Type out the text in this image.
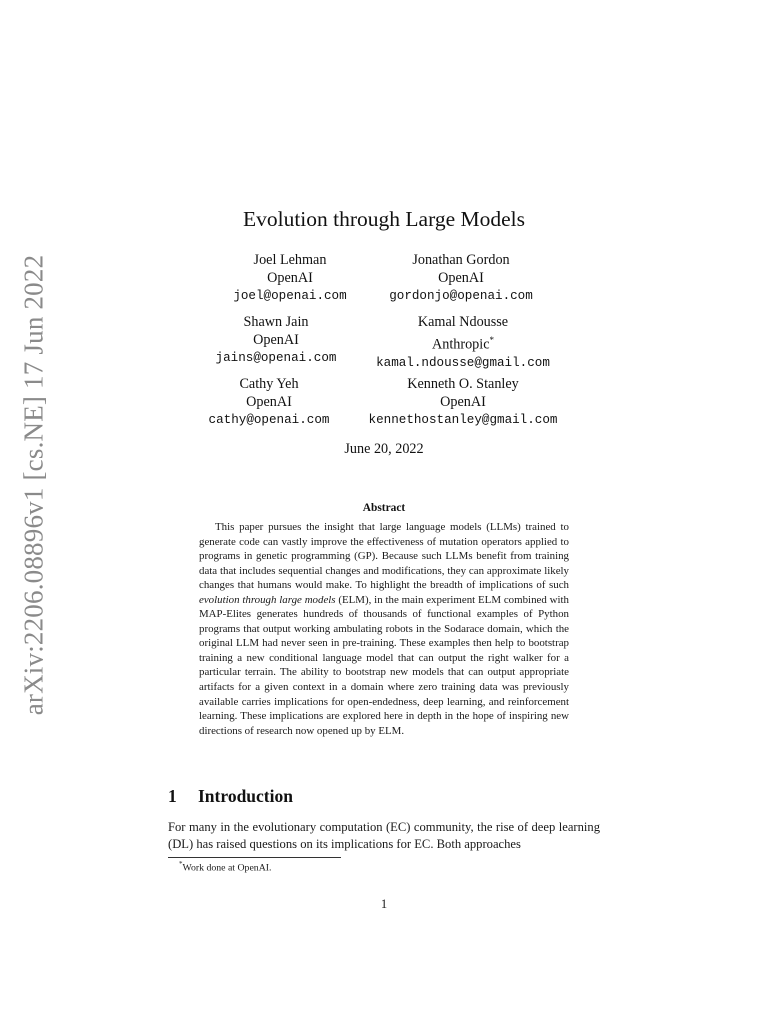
arXiv:2206.08896v1 [cs.NE] 17 Jun 2022
Evolution through Large Models
Joel Lehman
OpenAI
joel@openai.com
Jonathan Gordon
OpenAI
gordonjo@openai.com
Shawn Jain
OpenAI
jains@openai.com
Kamal Ndousse
Anthropic*
kamal.ndousse@gmail.com
Cathy Yeh
OpenAI
cathy@openai.com
Kenneth O. Stanley
OpenAI
kennethostanley@gmail.com
June 20, 2022
Abstract
This paper pursues the insight that large language models (LLMs) trained to generate code can vastly improve the effectiveness of mutation operators applied to programs in genetic programming (GP). Because such LLMs benefit from training data that includes sequential changes and modifications, they can approximate likely changes that humans would make. To highlight the breadth of implications of such evolution through large models (ELM), in the main experiment ELM combined with MAP-Elites generates hundreds of thousands of functional examples of Python programs that output working ambulating robots in the Sodarace domain, which the original LLM had never seen in pre-training. These examples then help to bootstrap training a new conditional language model that can output the right walker for a particular terrain. The ability to bootstrap new models that can output appropriate artifacts for a given context in a domain where zero training data was previously available carries implications for open-endedness, deep learning, and reinforcement learning. These implications are explored here in depth in the hope of inspiring new directions of research now opened up by ELM.
1 Introduction
For many in the evolutionary computation (EC) community, the rise of deep learning (DL) has raised questions on its implications for EC. Both approaches
*Work done at OpenAI.
1
